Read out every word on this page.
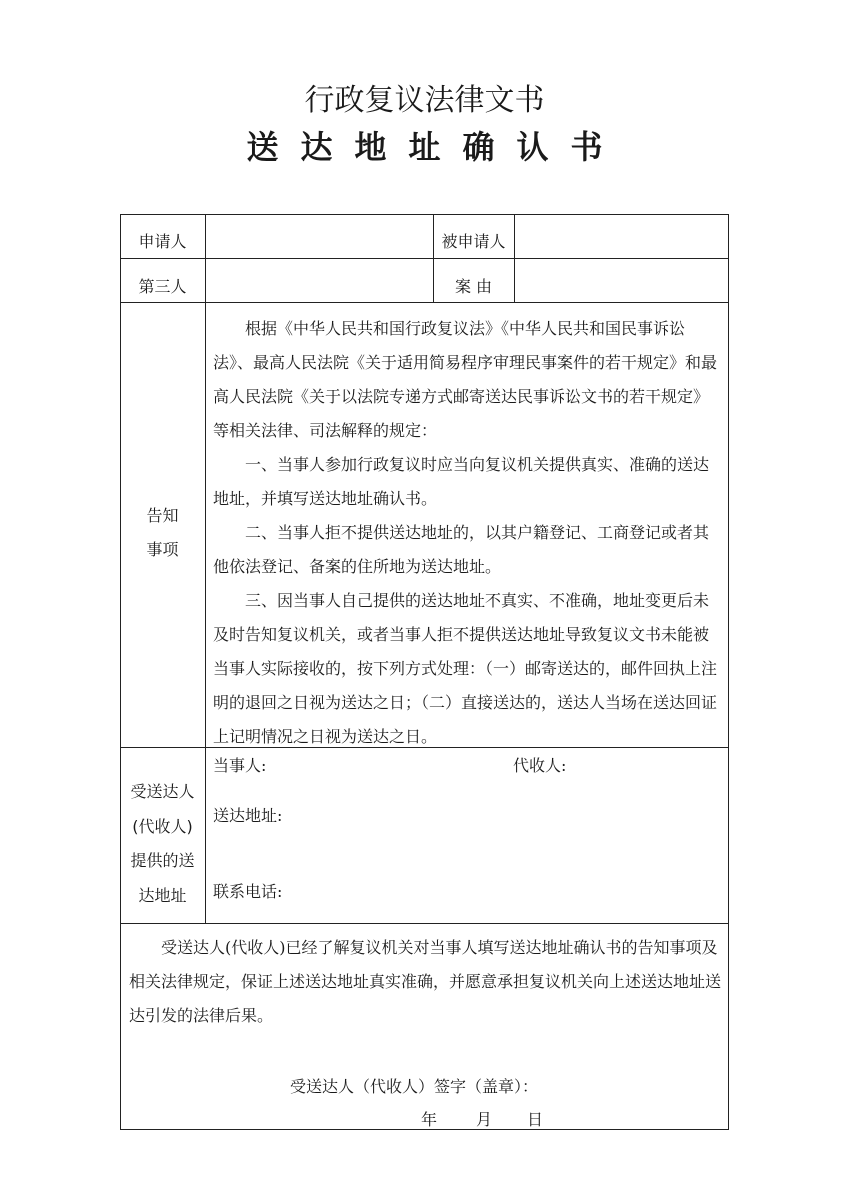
行政复议法律文书
送达地址确认书
申请人	被申请人
第三人	案 由
告知
事项

根据《中华人民共和国行政复议法》《中华人民共和国民事诉讼法》、最高人民法院《关于适用简易程序审理民事案件的若干规定》和最高人民法院《关于以法院专递方式邮寄送达民事诉讼文书的若干规定》等相关法律、司法解释的规定：

一、当事人参加行政复议时应当向复议机关提供真实、准确的送达地址，并填写送达地址确认书。

二、当事人拒不提供送达地址的，以其户籍登记、工商登记或者其他依法登记、备案的住所地为送达地址。

三、因当事人自己提供的送达地址不真实、不准确，地址变更后未及时告知复议机关，或者当事人拒不提供送达地址导致复议文书未能被当事人实际接收的，按下列方式处理：（一）邮寄送达的，邮件回执上注明的退回之日视为送达之日；（二）直接送达的，送达人当场在送达回证上记明情况之日视为送达之日。

受送达人
(代收人)
提供的送
达地址
当事人:	代收人:
送达地址:
联系电话:

受送达人(代收人)已经了解复议机关对当事人填写送达地址确认书的告知事项及相关法律规定，保证上述送达地址真实准确，并愿意承担复议机关向上述送达地址送达引发的法律后果。

受送达人（代收人）签字（盖章）：
年 月 日
